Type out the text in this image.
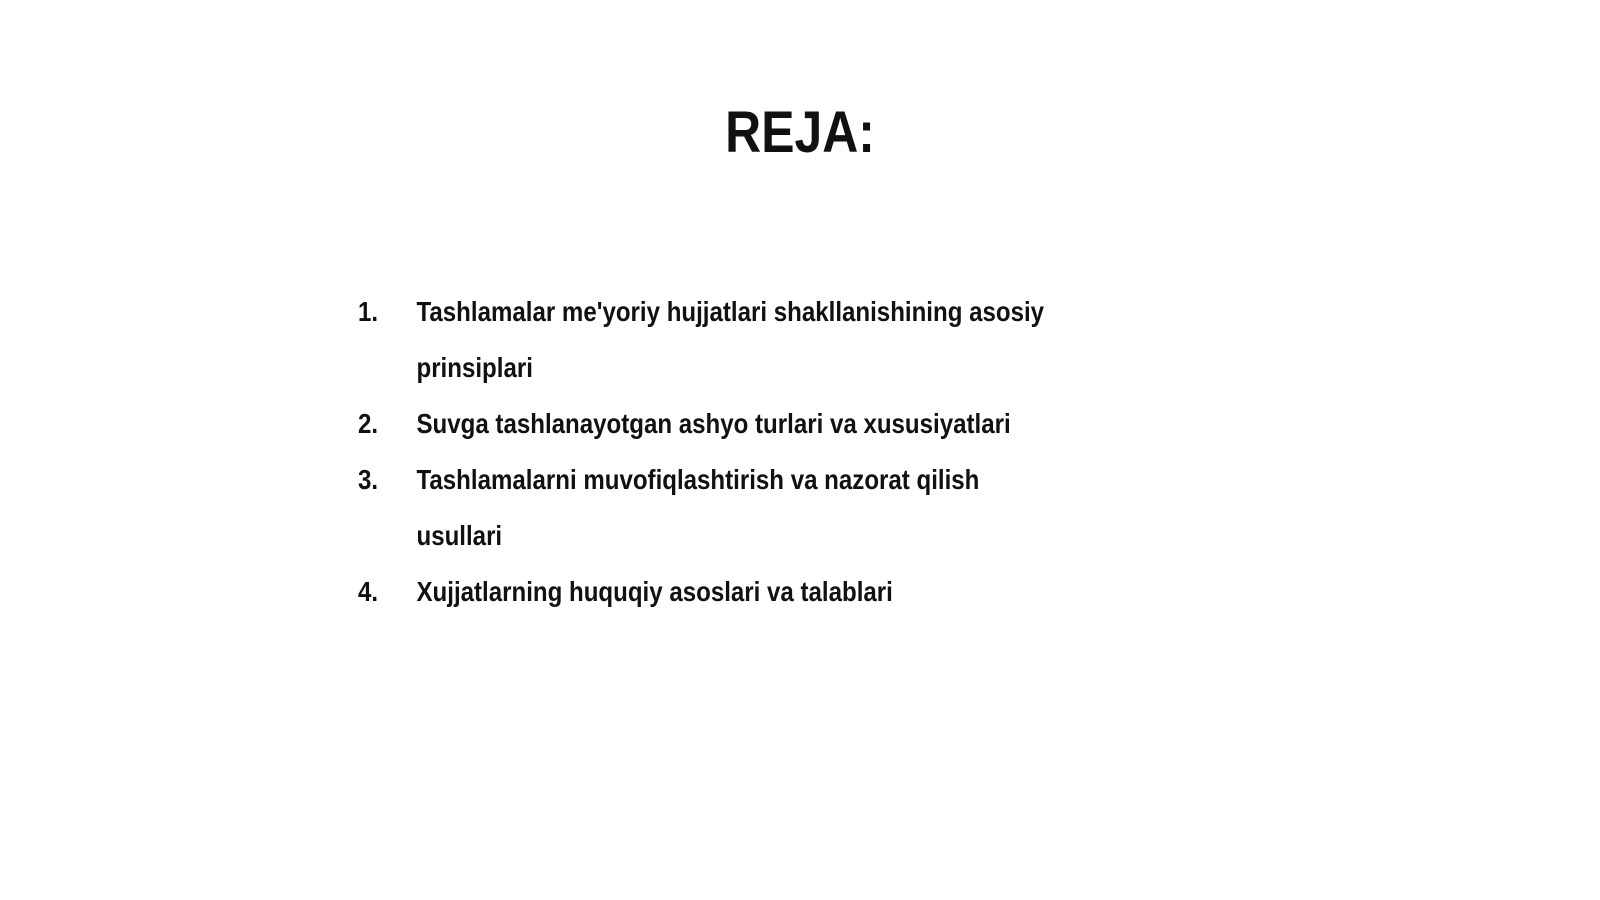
REJA:
1.	Tashlamalar me'yoriy hujjatlari shakllanishining asosiy prinsiplari
2.	Suvga tashlanayotgan ashyo turlari va xususiyatlari
3.	Tashlamalarni muvofiqlashtirish va nazorat qilish usullari
4.	Xujjatlarning huquqiy asoslari va talablari
